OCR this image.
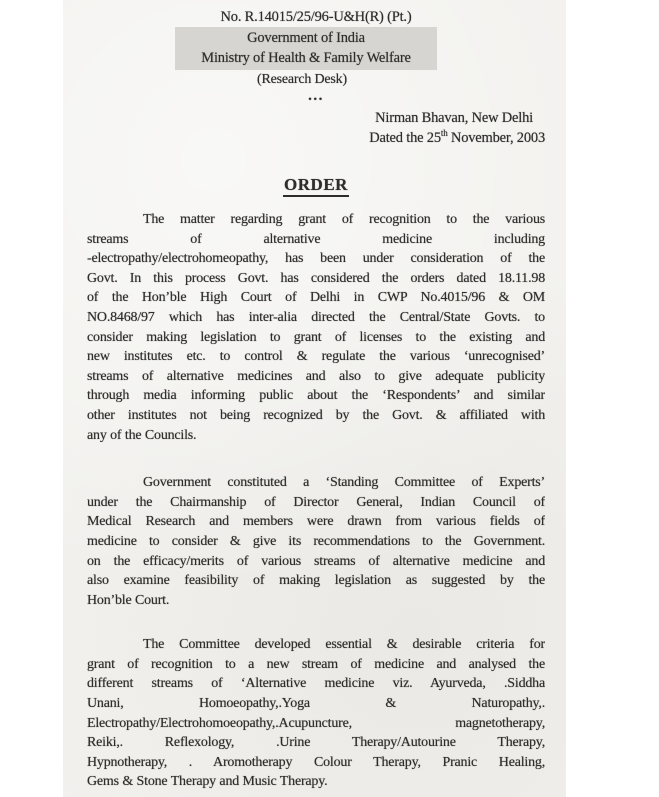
No. R.14015/25/96-U&H(R) (Pt.)
Government of India
Ministry of Health & Family Welfare
(Research Desk)
...
Nirman Bhavan, New Delhi
Dated the 25th November, 2003
ORDER
The matter regarding grant of recognition to the various
streams of alternative medicine including
-electropathy/electrohomeopathy, has been under consideration of the
Govt. In this process Govt. has considered the orders dated 18.11.98
of the Hon’ble High Court of Delhi in CWP No.4015/96 & OM
NO.8468/97 which has inter-alia directed the Central/State Govts. to
consider making legislation to grant of licenses to the existing and
new institutes etc. to control & regulate the various ‘unrecognised’
streams of alternative medicines and also to give adequate publicity
through media informing public about the ‘Respondents’ and similar
other institutes not being recognized by the Govt. & affiliated with
any of the Councils.
Government constituted a ‘Standing Committee of Experts’
under the Chairmanship of Director General, Indian Council of
Medical Research and members were drawn from various fields of
medicine to consider & give its recommendations to the Government.
on the efficacy/merits of various streams of alternative medicine and
also examine feasibility of making legislation as suggested by the
Hon’ble Court.
The Committee developed essential & desirable criteria for
grant of recognition to a new stream of medicine and analysed the
different streams of ‘Alternative medicine viz. Ayurveda, .Siddha
Unani, Homoeopathy,.Yoga & Naturopathy,.
Electropathy/Electrohomoeopathy,.Acupuncture, magnetotherapy,
Reiki,. Reflexology, .Urine Therapy/Autourine Therapy,
Hypnotherapy, . Aromotherapy Colour Therapy, Pranic Healing,
Gems & Stone Therapy and Music Therapy.
